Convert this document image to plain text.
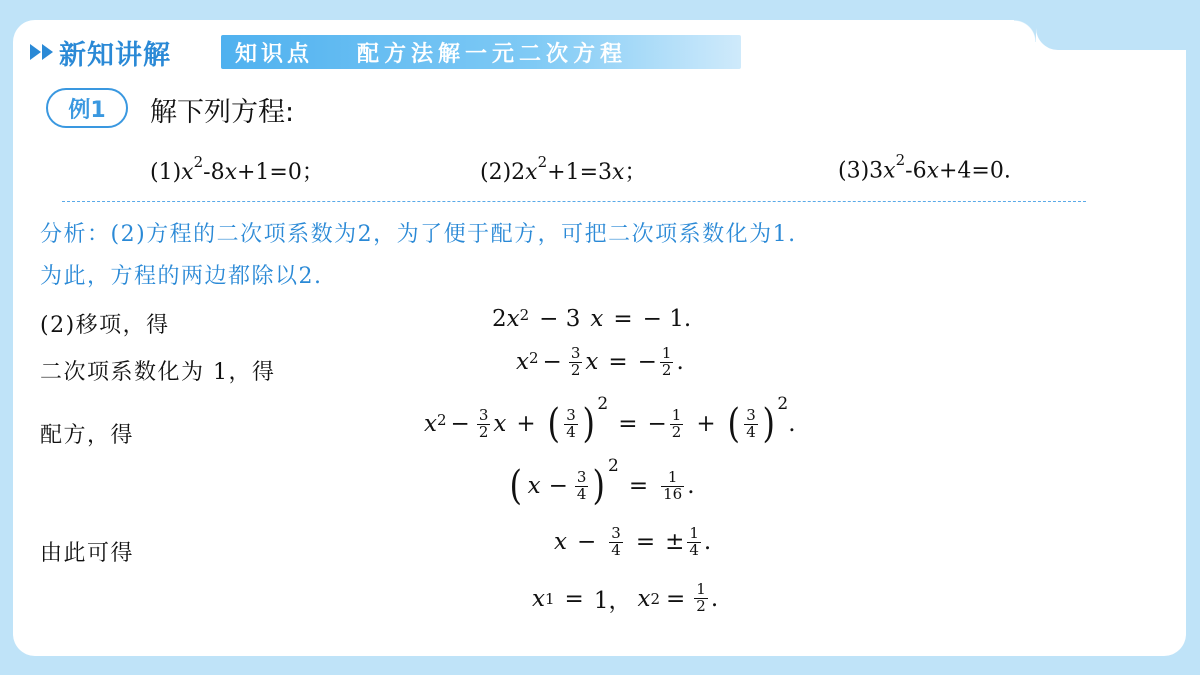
新知讲解	知识点 配方法解一元二次方程
例1	解下列方程:
$(1)x^2-8x+1=0$；	$(2)2x^2+1=3x$；	$(3)3x^2-6x+4=0$.
分析：(2)方程的二次项系数为2，为了便于配方，可把二次项系数化为1.
为此，方程的两边都除以2.
(2)移项，得
二次项系数化为 1，得
配方，得
由此可得
2 x 2 − 3 x = − 1.
x $2 - \frac{3}{2}$ x = − $\frac{1}{2}$ .
x $2 - \frac{3}{2}$ x + ( $\frac{3}{4}$ ) 2
= − $\frac{1}{2}$ + ( $\frac{3}{4}$ ) 2
.
( $x - \frac{3}{4}$ ) 2
= $\frac{1}{16}$ .
$x - \frac{3}{4}$ = ± $\frac{1}{4}$ .
x 1 = 1， x $2 = \frac{1}{2}$ .
